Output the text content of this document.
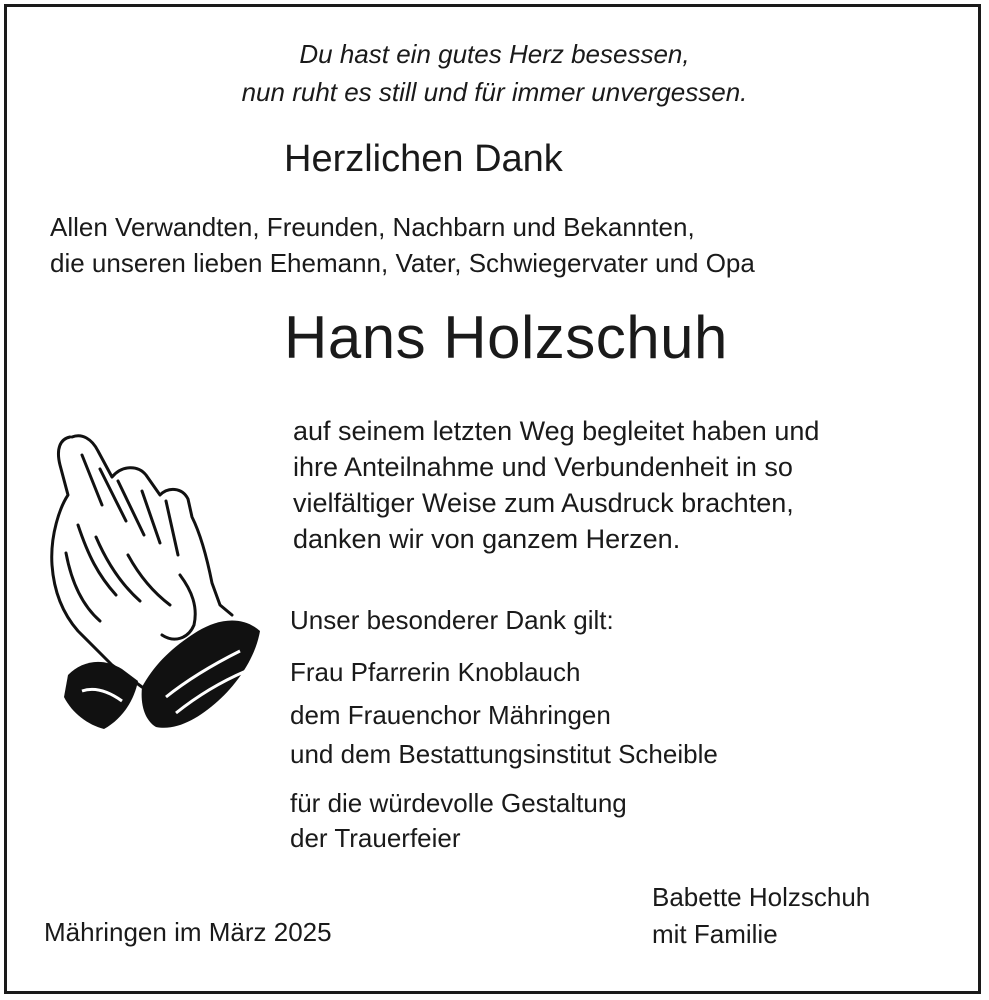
Du hast ein gutes Herz besessen,
nun ruht es still und für immer unvergessen.
Herzlichen Dank
Allen Verwandten, Freunden, Nachbarn und Bekannten,
die unseren lieben Ehemann, Vater, Schwiegervater und Opa
Hans Holzschuh
auf seinem letzten Weg begleitet haben und
ihre Anteilnahme und Verbundenheit in so
vielfältiger Weise zum Ausdruck brachten,
danken wir von ganzem Herzen.
Unser besonderer Dank gilt:
Frau Pfarrerin Knoblauch
dem Frauenchor Mähringen
und dem Bestattungsinstitut Scheible
für die würdevolle Gestaltung
der Trauerfeier
Mähringen im März 2025
Babette Holzschuh
mit Familie
